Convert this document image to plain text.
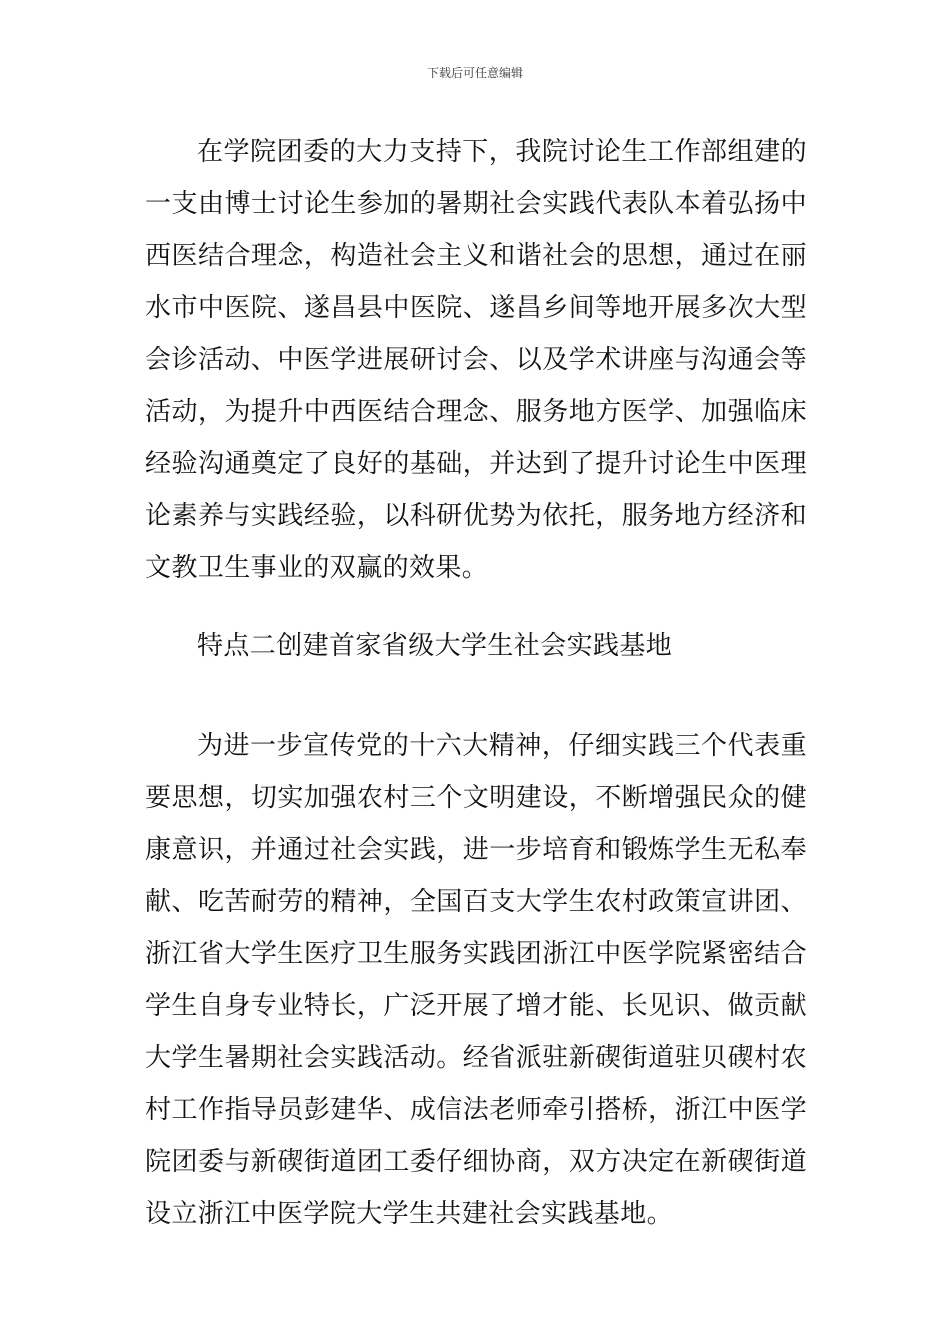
下载后可任意编辑

在学院团委的大力支持下，我院讨论生工作部组建的一支由博士讨论生参加的暑期社会实践代表队本着弘扬中西医结合理念，构造社会主义和谐社会的思想，通过在丽水市中医院、遂昌县中医院、遂昌乡间等地开展多次大型会诊活动、中医学进展研讨会、以及学术讲座与沟通会等活动，为提升中西医结合理念、服务地方医学、加强临床经验沟通奠定了良好的基础，并达到了提升讨论生中医理论素养与实践经验，以科研优势为依托，服务地方经济和文教卫生事业的双赢的效果。

特点二创建首家省级大学生社会实践基地

为进一步宣传党的十六大精神，仔细实践三个代表重要思想，切实加强农村三个文明建设，不断增强民众的健康意识，并通过社会实践，进一步培育和锻炼学生无私奉献、吃苦耐劳的精神，全国百支大学生农村政策宣讲团、浙江省大学生医疗卫生服务实践团浙江中医学院紧密结合学生自身专业特长，广泛开展了增才能、长见识、做贡献大学生暑期社会实践活动。经省派驻新碶街道驻贝碶村农村工作指导员彭建华、成信法老师牵引搭桥，浙江中医学院团委与新碶街道团工委仔细协商，双方决定在新碶街道设立浙江中医学院大学生共建社会实践基地。
